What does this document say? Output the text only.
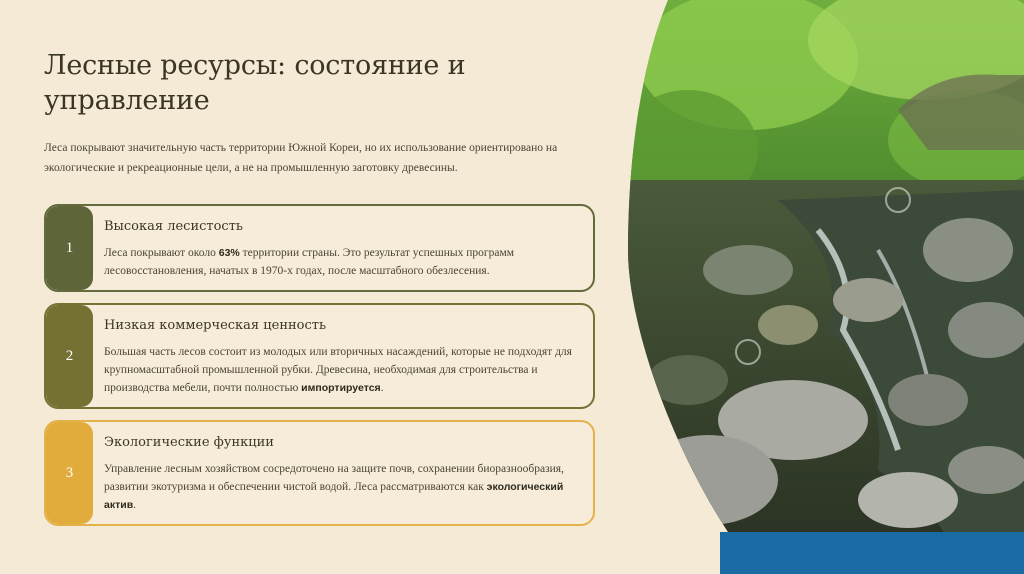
Лесные ресурсы: состояние и управление

Леса покрывают значительную часть территории Южной Кореи, но их использование ориентировано на экологические и рекреационные цели, а не на промышленную заготовку древесины.

1
Высокая лесистость
Леса покрывают около 63% территории страны. Это результат успешных программ лесовосстановления, начатых в 1970-х годах, после масштабного обезлесения.
2
Низкая коммерческая ценность
Большая часть лесов состоит из молодых или вторичных насаждений, которые не подходят для крупномасштабной промышленной рубки. Древесина, необходимая для строительства и производства мебели, почти полностью импортируется.
3
Экологические функции
Управление лесным хозяйством сосредоточено на защите почв, сохранении биоразнообразия, развитии экотуризма и обеспечении чистой водой. Леса рассматриваются как экологический актив.
